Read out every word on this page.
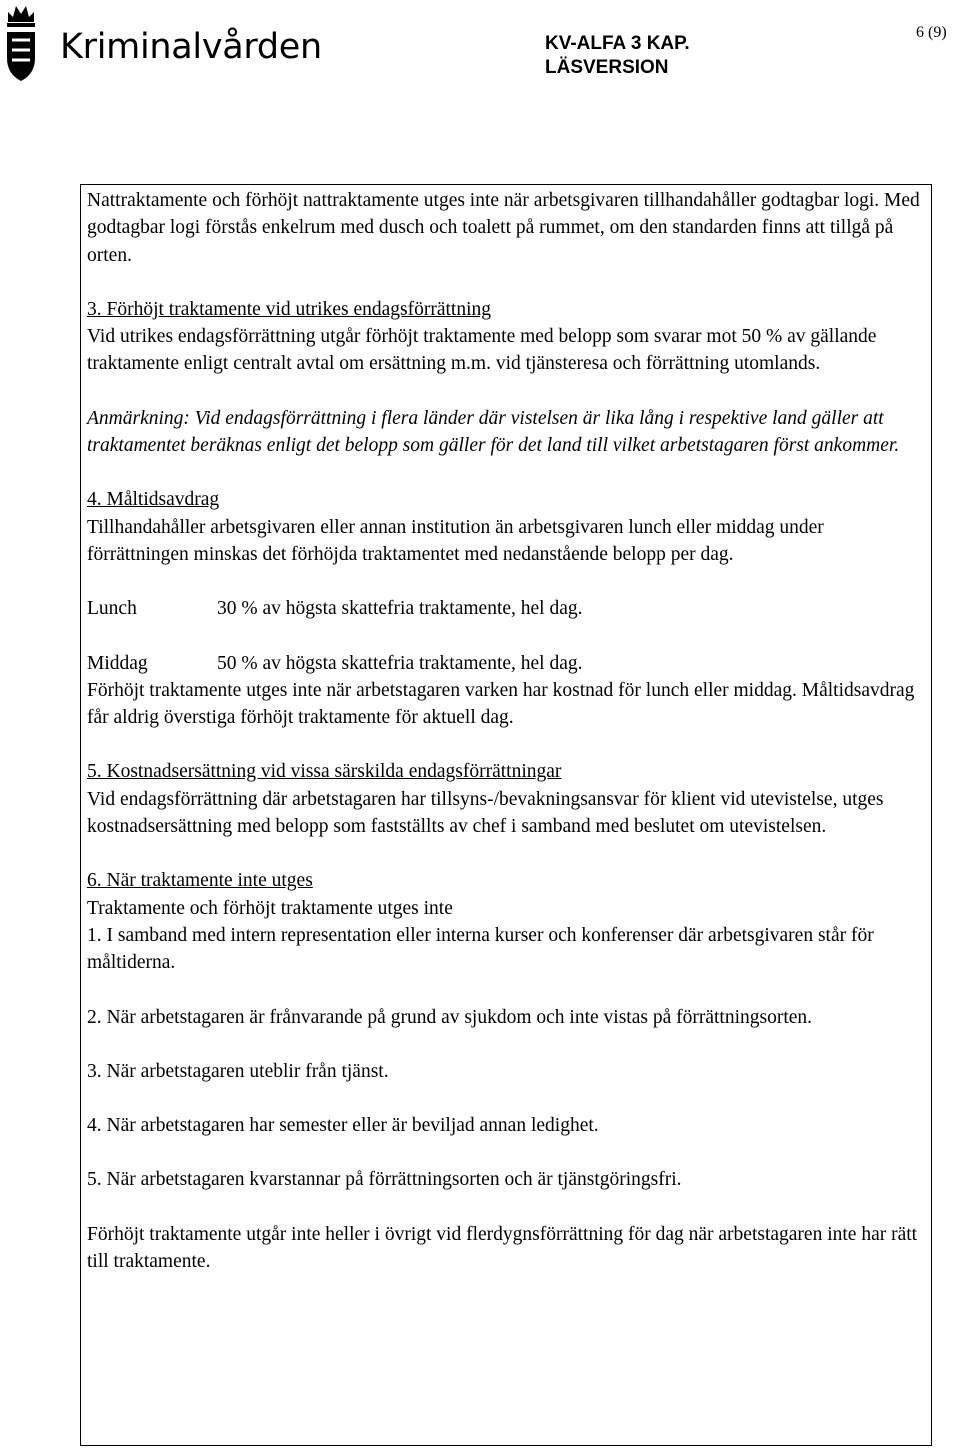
Kriminalvården	KV-ALFA 3 KAP.
LÄSVERSION
6 (9)

Nattraktamente och förhöjt nattraktamente utges inte när arbetsgivaren tillhandahåller godtagbar logi. Med godtagbar logi förstås enkelrum med dusch och toalett på rummet, om den standarden finns att tillgå på orten.

3. Förhöjt traktamente vid utrikes endagsförrättning

Vid utrikes endagsförrättning utgår förhöjt traktamente med belopp som svarar mot 50 % av gällande traktamente enligt centralt avtal om ersättning m.m. vid tjänsteresa och förrättning utomlands.

Anmärkning: Vid endagsförrättning i flera länder där vistelsen är lika lång i respektive land gäller att traktamentet beräknas enligt det belopp som gäller för det land till vilket arbetstagaren först ankommer.

4. Måltidsavdrag

Tillhandahåller arbetsgivaren eller annan institution än arbetsgivaren lunch eller middag under förrättningen minskas det förhöjda traktamentet med nedanstående belopp per dag.

Lunch	30 % av högsta skattefria traktamente, hel dag.
Middag	50 % av högsta skattefria traktamente, hel dag.

Förhöjt traktamente utges inte när arbetstagaren varken har kostnad för lunch eller middag. Måltidsavdrag får aldrig överstiga förhöjt traktamente för aktuell dag.

5. Kostnadsersättning vid vissa särskilda endagsförrättningar

Vid endagsförrättning där arbetstagaren har tillsyns-/bevakningsansvar för klient vid utevistelse, utges kostnadsersättning med belopp som fastställts av chef i samband med beslutet om utevistelsen.

6. När traktamente inte utges

Traktamente och förhöjt traktamente utges inte

1. I samband med intern representation eller interna kurser och konferenser där arbetsgivaren står för måltiderna.

2. När arbetstagaren är frånvarande på grund av sjukdom och inte vistas på förrättningsorten.

3. När arbetstagaren uteblir från tjänst.

4. När arbetstagaren har semester eller är beviljad annan ledighet.

5. När arbetstagaren kvarstannar på förrättningsorten och är tjänstgöringsfri.

Förhöjt traktamente utgår inte heller i övrigt vid flerdygnsförrättning för dag när arbetstagaren inte har rätt till traktamente.
